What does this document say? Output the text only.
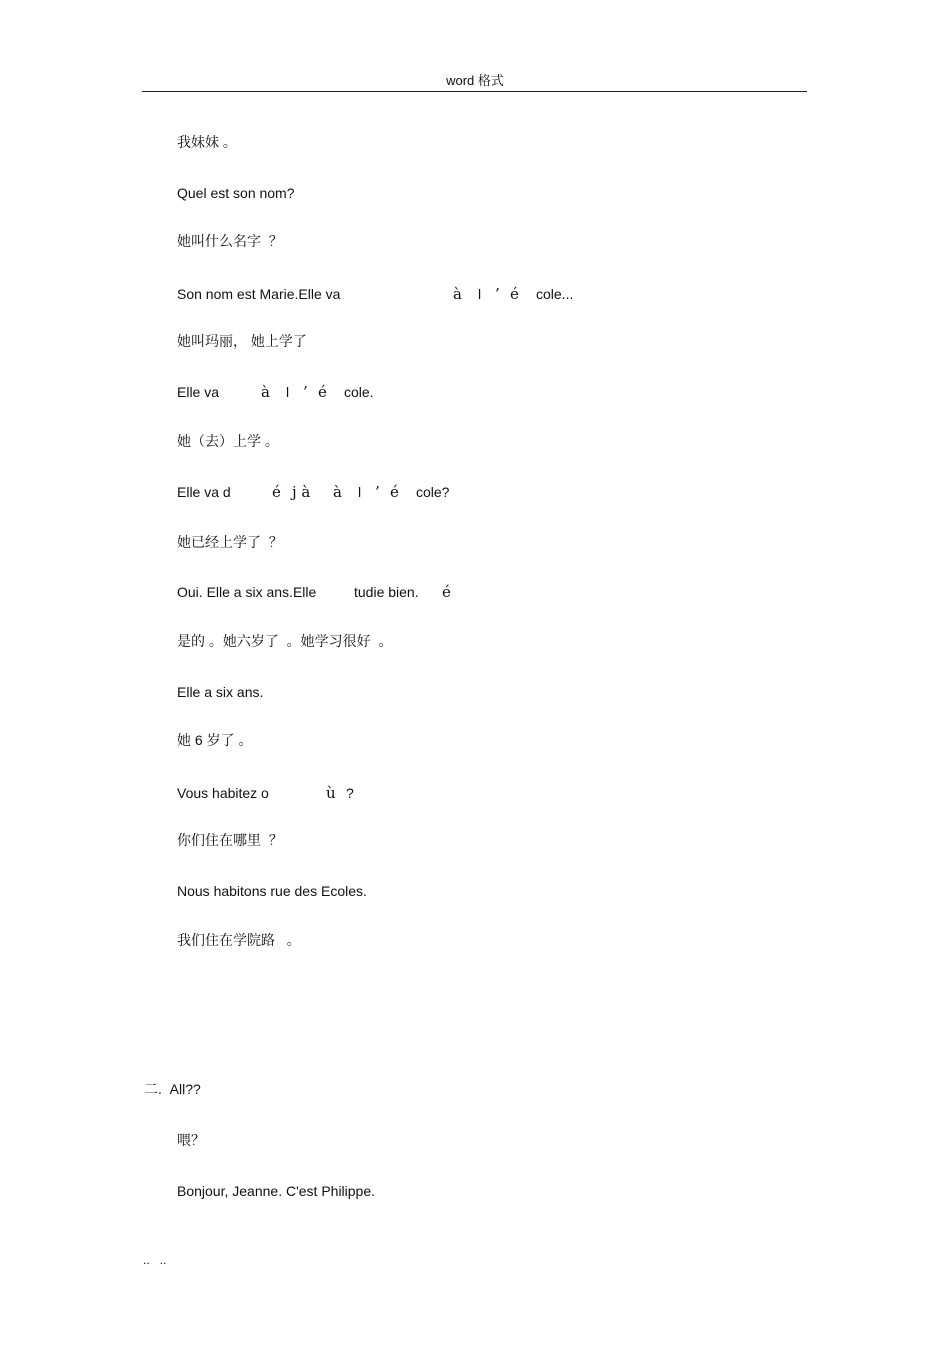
word 格式
我妹妹 。
Quel est son nom?
她叫什么名字  ？

Son nom est Marie.Elle va

	à

l

’

é

cole...

她叫玛丽， 她上学了

Elle va

	à

l

’

é

cole.

她（去）上学 。

Elle va d

	é

j à

à

l

’

é

cole?

她已经上学了  ？

Oui. Elle a six ans.Elle

	tudie bien.

é

是的 。她六岁了  。她学习很好  。
Elle a six ans.
她 6 岁了 。

Vous habitez o

	ù

?

你们住在哪里  ？
Nous habitons rue des Ecoles.
我们住在学院路   。
二.  All??
喂？
Bonjour, Jeanne. C'est Philippe.
..   ..
